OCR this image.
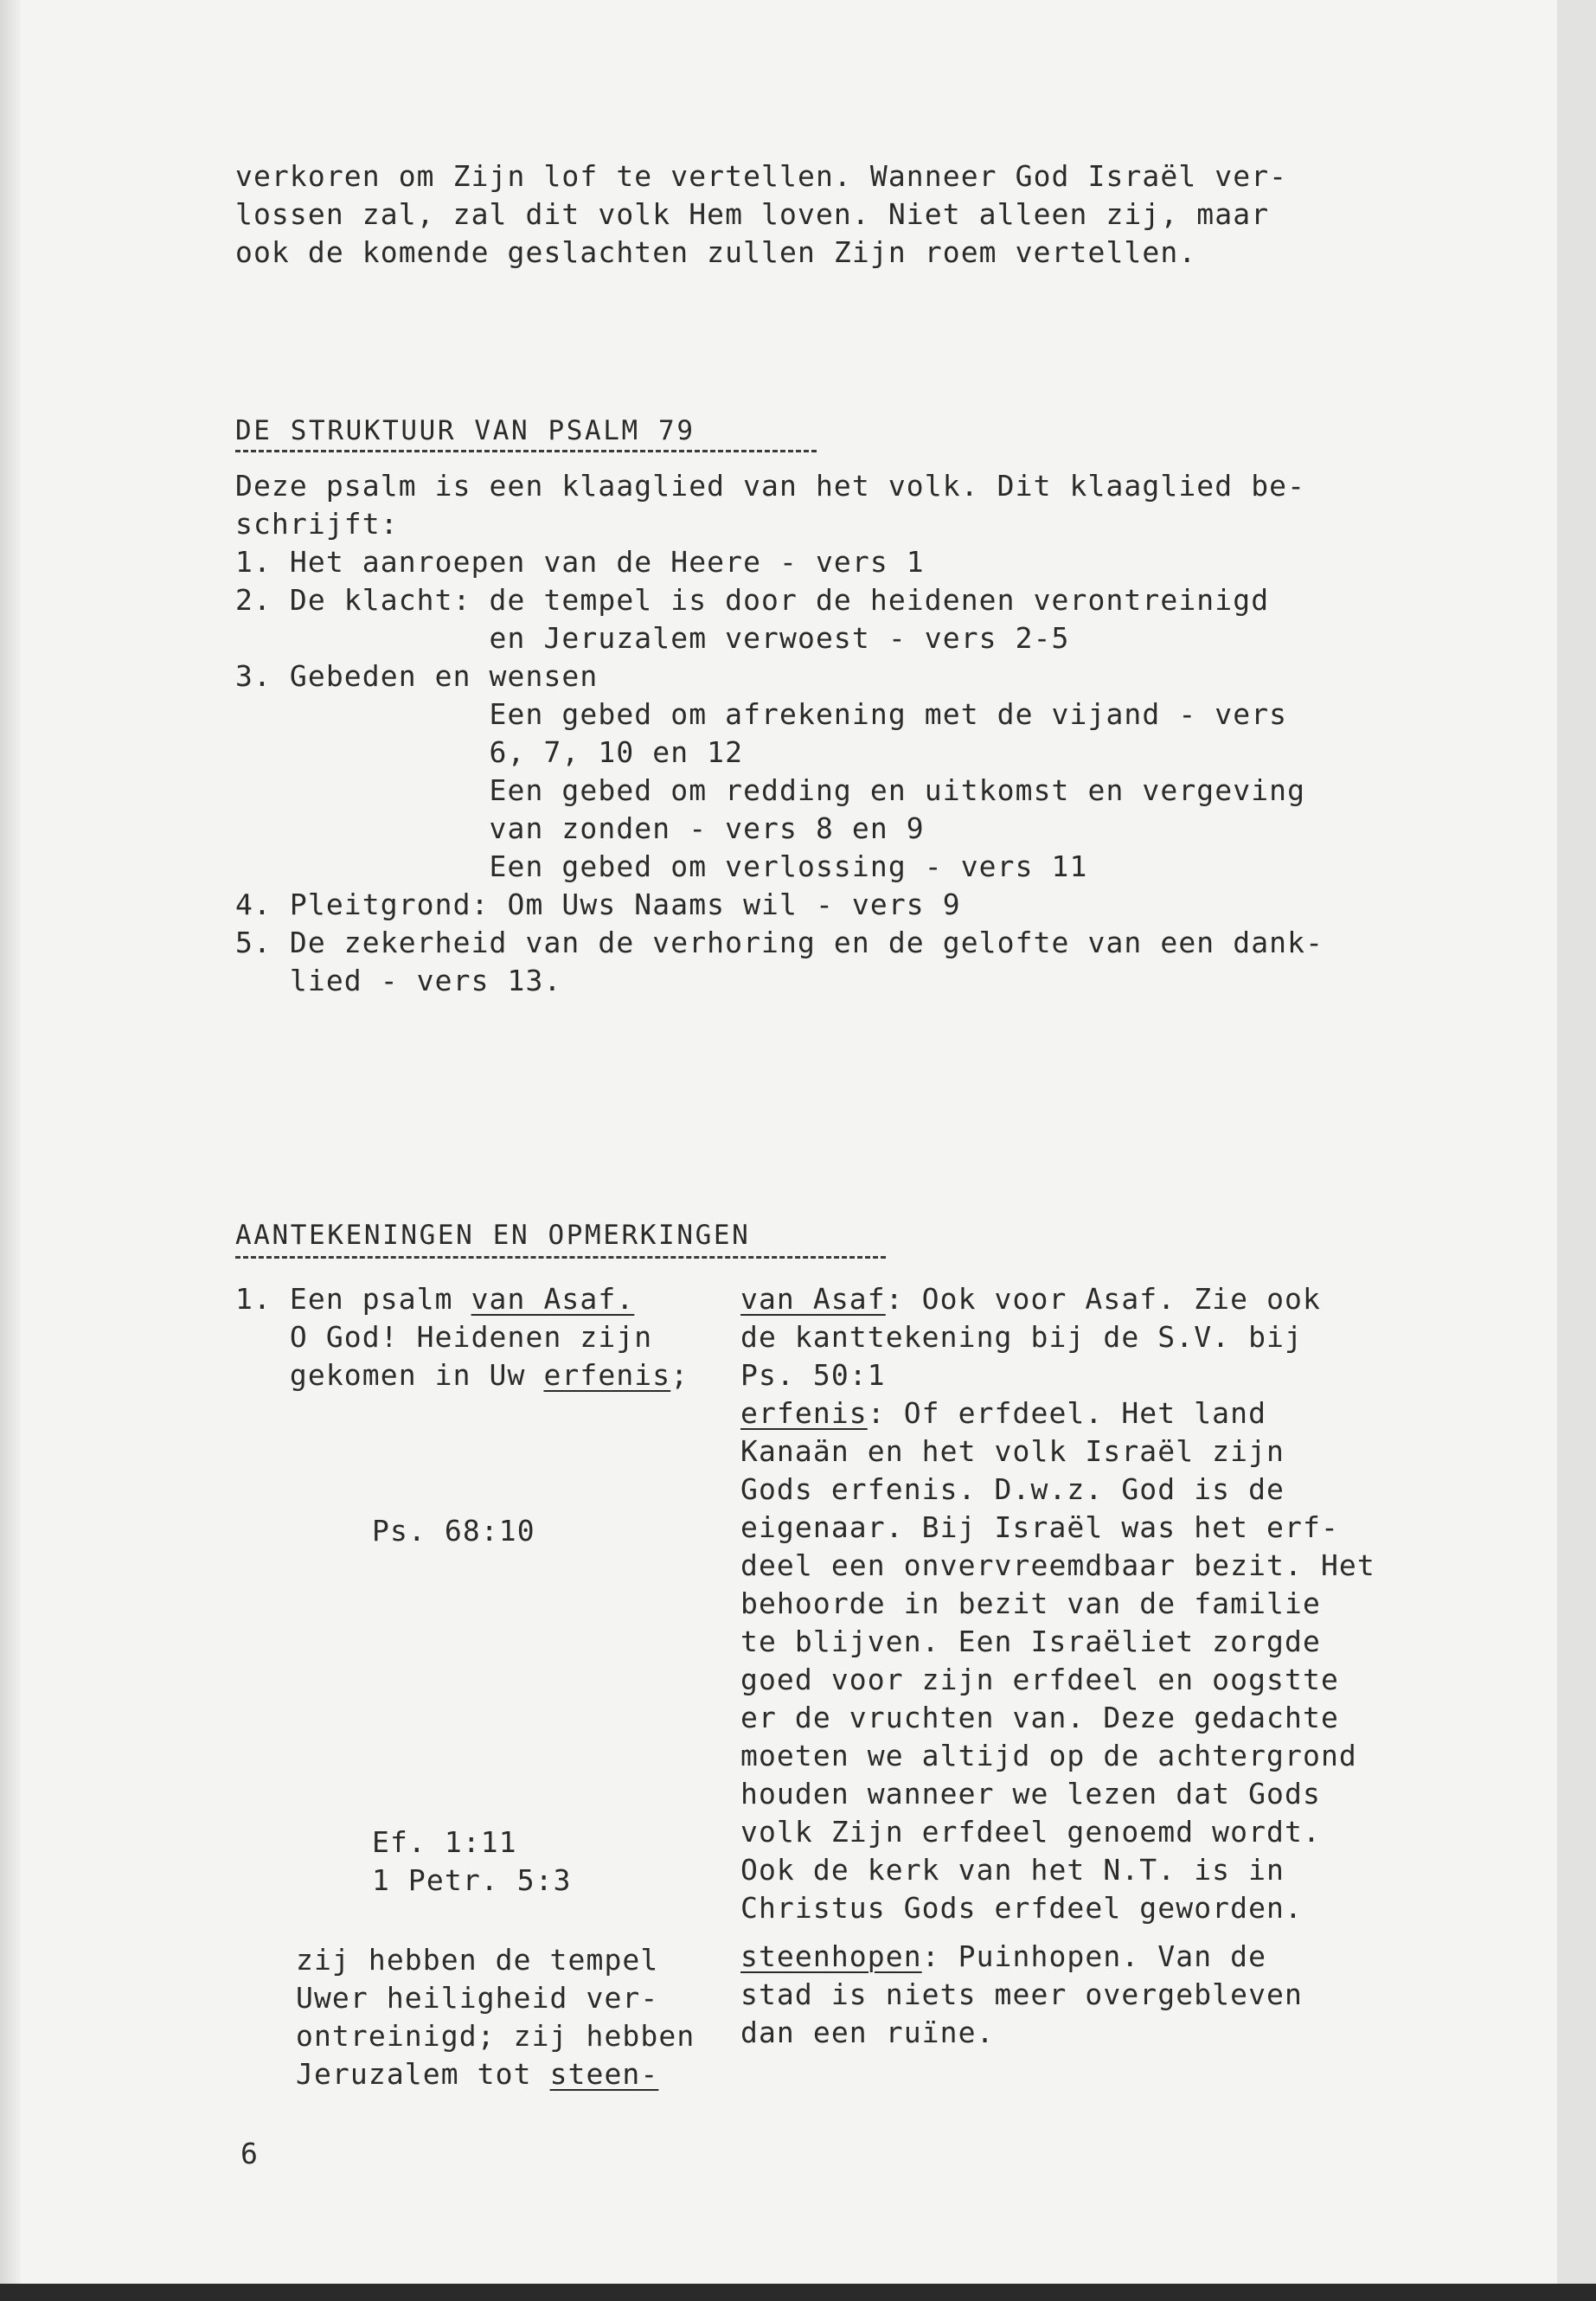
verkoren om Zijn lof te vertellen. Wanneer God Israël ver-
lossen zal, zal dit volk Hem loven. Niet alleen zij, maar
ook de komende geslachten zullen Zijn roem vertellen.
DE STRUKTUUR VAN PSALM 79
Deze psalm is een klaaglied van het volk. Dit klaaglied be-
schrijft:
1. Het aanroepen van de Heere - vers 1
2. De klacht: de tempel is door de heidenen verontreinigd
en Jeruzalem verwoest - vers 2-5
3. Gebeden en wensen
Een gebed om afrekening met de vijand - vers
6, 7, 10 en 12
Een gebed om redding en uitkomst en vergeving
van zonden - vers 8 en 9
Een gebed om verlossing - vers 11
4. Pleitgrond: Om Uws Naams wil - vers 9
5. De zekerheid van de verhoring en de gelofte van een dank-
lied - vers 13.
AANTEKENINGEN EN OPMERKINGEN
1. Een psalm van Asaf.
O God! Heidenen zijn
gekomen in Uw erfenis;
Ps. 68:10
Ef. 1:11
1 Petr. 5:3
zij hebben de tempel
Uwer heiligheid ver-
ontreinigd; zij hebben
Jeruzalem tot steen-
van Asaf: Ook voor Asaf. Zie ook
de kanttekening bij de S.V. bij
Ps. 50:1
erfenis: Of erfdeel. Het land
Kanaän en het volk Israël zijn
Gods erfenis. D.w.z. God is de
eigenaar. Bij Israël was het erf-
deel een onvervreemdbaar bezit. Het
behoorde in bezit van de familie
te blijven. Een Israëliet zorgde
goed voor zijn erfdeel en oogstte
er de vruchten van. Deze gedachte
moeten we altijd op de achtergrond
houden wanneer we lezen dat Gods
volk Zijn erfdeel genoemd wordt.
Ook de kerk van het N.T. is in
Christus Gods erfdeel geworden.
steenhopen: Puinhopen. Van de
stad is niets meer overgebleven
dan een ruïne.
6
